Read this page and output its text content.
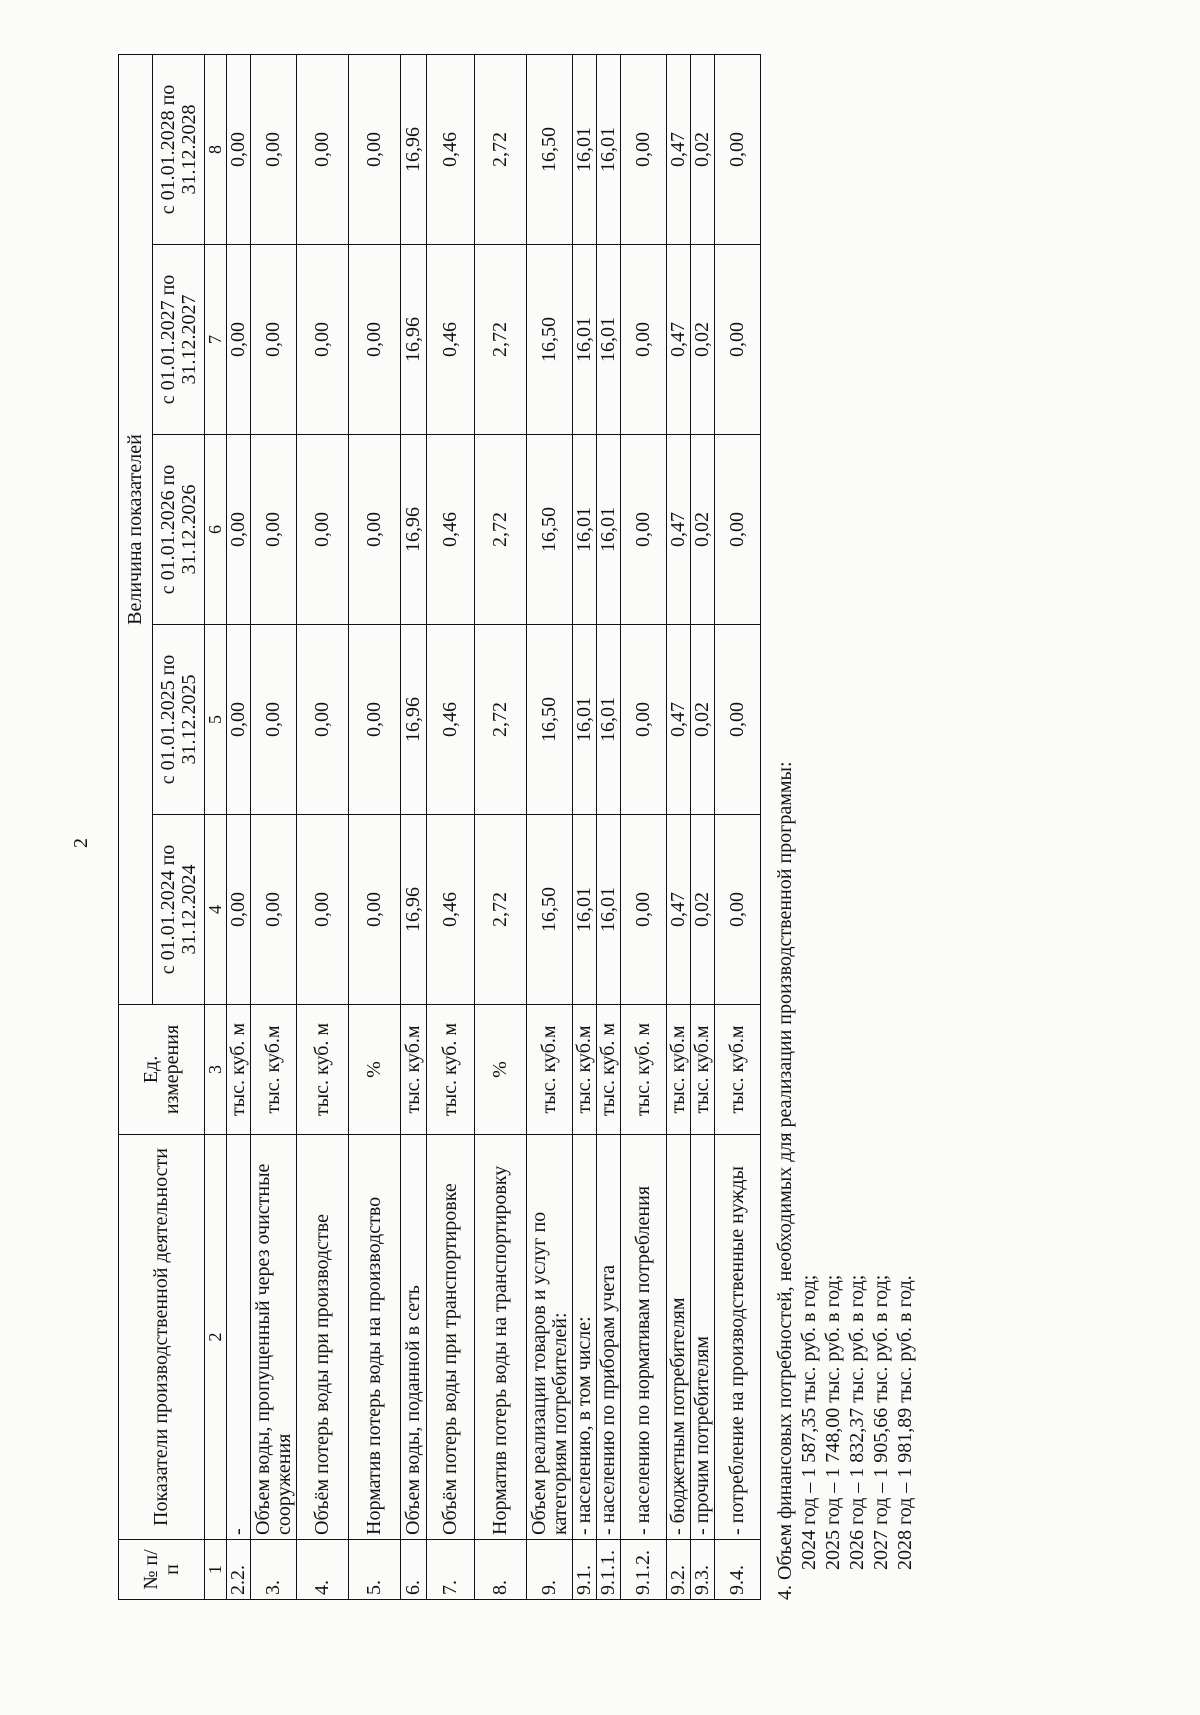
2
№ п/п	Показатели производственной деятельности	Ед. измерения	Величина показателей				
			с 01.01.2024 по 31.12.2024	с 01.01.2025 по 31.12.2025	с 01.01.2026 по 31.12.2026	с 01.01.2027 по 31.12.2027	с 01.01.2028 по 31.12.2028
1	2	3	4	5	6	7	8
2.2.	-	тыс. куб. м	0,00	0,00	0,00	0,00	0,00
3.	Объем воды, пропущенный через очистные сооружения	тыс. куб.м	0,00	0,00	0,00	0,00	0,00
4.	Объём потерь воды при производстве	тыс. куб. м	0,00	0,00	0,00	0,00	0,00
5.	Норматив потерь воды на производство	%	0,00	0,00	0,00	0,00	0,00
6.	Объем воды, поданной в сеть	тыс. куб.м	16,96	16,96	16,96	16,96	16,96
7.	Объём потерь воды при транспортировке	тыс. куб. м	0,46	0,46	0,46	0,46	0,46
8.	Норматив потерь воды на транспортировку	%	2,72	2,72	2,72	2,72	2,72
9.	Объем реализации товаров и услуг по категориям потребителей:	тыс. куб.м	16,50	16,50	16,50	16,50	16,50
9.1.	- населению, в том числе:	тыс. куб.м	16,01	16,01	16,01	16,01	16,01
9.1.1.	- населению по приборам учета	тыс. куб. м	16,01	16,01	16,01	16,01	16,01
9.1.2.	- населению по нормативам потребления	тыс. куб. м	0,00	0,00	0,00	0,00	0,00
9.2.	- бюджетным потребителям	тыс. куб.м	0,47	0,47	0,47	0,47	0,47
9.3.	- прочим потребителям	тыс. куб.м	0,02	0,02	0,02	0,02	0,02
9.4.	- потребление на производственные нужды	тыс. куб.м	0,00	0,00	0,00	0,00	0,00
4. Объем финансовых потребностей, необходимых для реализации производственной программы: 2024 год – 1 587,35 тыс. руб. в год; 2025 год – 1 748,00 тыс. руб. в год; 2026 год – 1 832,37 тыс. руб. в год; 2027 год – 1 905,66 тыс. руб. в год; 2028 год – 1 981,89 тыс. руб. в год.
